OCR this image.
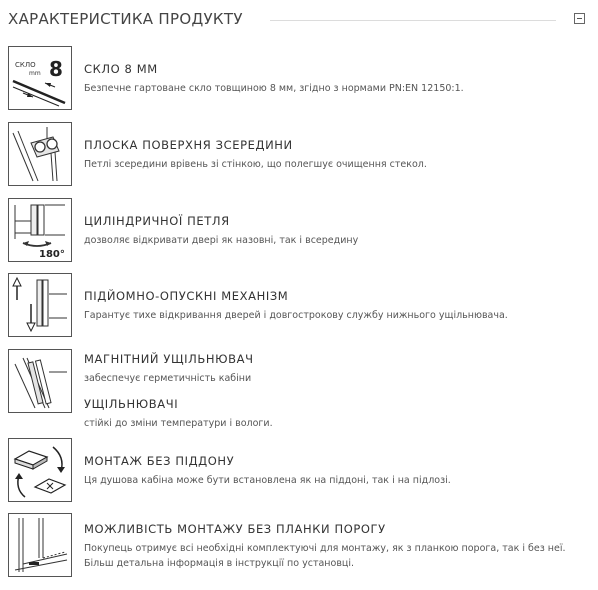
ХАРАКТЕРИСТИКА ПРОДУКТУ
СКЛО
mm 8 СКЛО 8 ММ
Безпечне гартоване скло товщиною 8 мм, згідно з нормами PN:EN 12150:1.
ПЛОСКА ПОВЕРХНЯ ЗСЕРЕДИНИ
Петлі зсередини врівень зі стінкою, що полегшує очищення стекол.
180°
ЦИЛІНДРИЧНОЇ ПЕТЛЯ
дозволяє відкривати двері як назовні, так і всередину
ПІДЙОМНО-ОПУСКНІ МЕХАНІЗМ
Гарантує тихе відкривання дверей і довгострокову службу нижнього ущільнювача.
МАГНІТНИЙ УЩІЛЬНЮВАЧ
забеспечує герметичність кабіни
УЩІЛЬНЮВАЧІ
стійкі до зміни температури і вологи.
МОНТАЖ БЕЗ ПІДДОНУ
Ця душова кабіна може бути встановлена як на піддоні, так і на підлозі.
МОЖЛИВІСТЬ МОНТАЖУ БЕЗ ПЛАНКИ ПОРОГУ
Покупець отримує всі необхідні комплектуючі для монтажу, як з планкою порога, так і без неї. Більш детальна інформація в інструкції по установці.
